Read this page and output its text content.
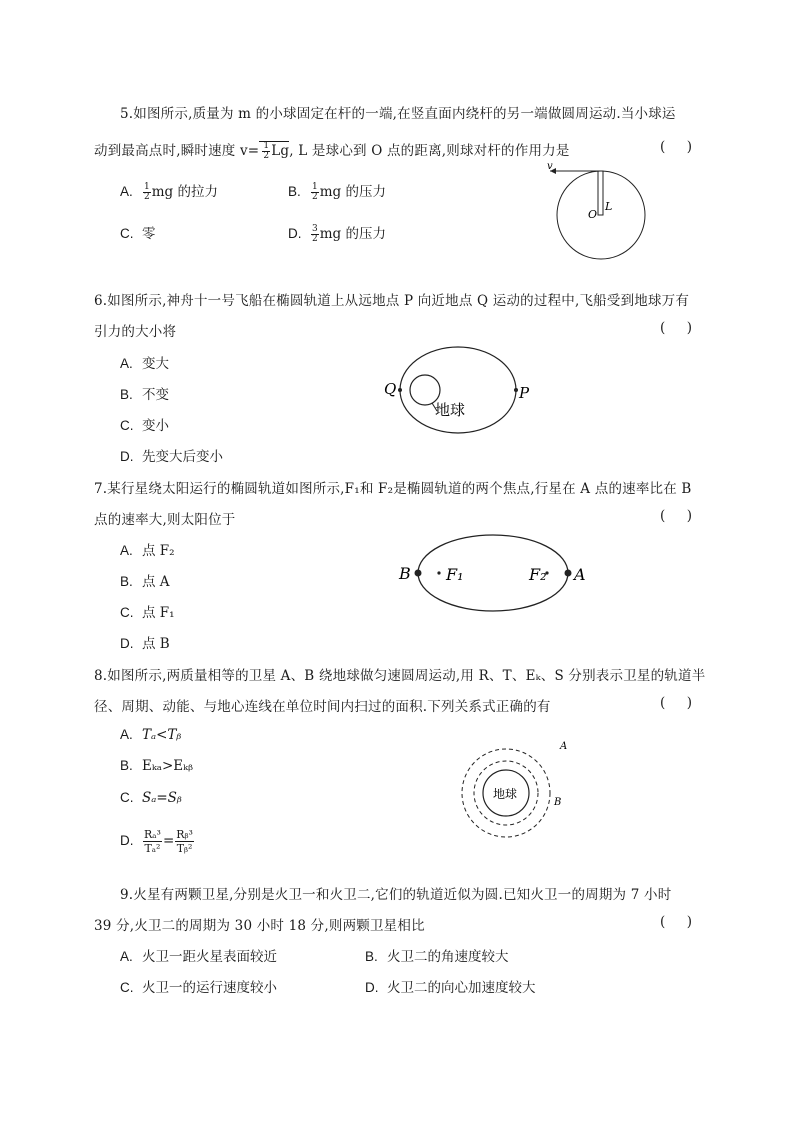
5.如图所示,质量为 m 的小球固定在杆的一端,在竖直面内绕杆的另一端做圆周运动.当小球运
动到最高点时,瞬时速度 $v= \frac{1}{2} Lg$, L 是球心到 O 点的距离,则球对杆的作用力是	(     )
A. $\frac{1}{2}$ mg 的拉力	B. $\frac{1}{2}$ mg 的压力
C. 零	D. $\frac{3}{2}$ mg 的压力
v
O
L
6.如图所示,神舟十一号飞船在椭圆轨道上从远地点 P 向近地点 Q 运动的过程中,飞船受到地球万有
引力的大小将	(     )
A. 变大
B. 不变
C. 变小
D. 先变大后变小
Q	P
地球
7.某行星绕太阳运行的椭圆轨道如图所示,F₁和 F₂是椭圆轨道的两个焦点,行星在 A 点的速率比在 B
点的速率大,则太阳位于	(     )
A. 点 F₂
B. 点 A
C. 点 F₁
D. 点 B
B F₁	F₂ A
8.如图所示,两质量相等的卫星 A、B 绕地球做匀速圆周运动,用 R、T、Eₖ、S 分别表示卫星的轨道半
径、周期、动能、与地心连线在单位时间内扫过的面积.下列关系式正确的有	(     )
A. Tₐ<Tᵦ
B. Eₖₐ>Eₖᵦ
C. Sₐ=Sᵦ
D. $\frac{\text{Rₐ³}}{\text{Tₐ²}} = \frac{\text{Rᵦ³}}{\text{Tᵦ²}}$
地球
A
B
9.火星有两颗卫星,分别是火卫一和火卫二,它们的轨道近似为圆.已知火卫一的周期为 7 小时
39 分,火卫二的周期为 30 小时 18 分,则两颗卫星相比	(     )
A. 火卫一距火星表面较近	B. 火卫二的角速度较大
C. 火卫一的运行速度较小	D. 火卫二的向心加速度较大
